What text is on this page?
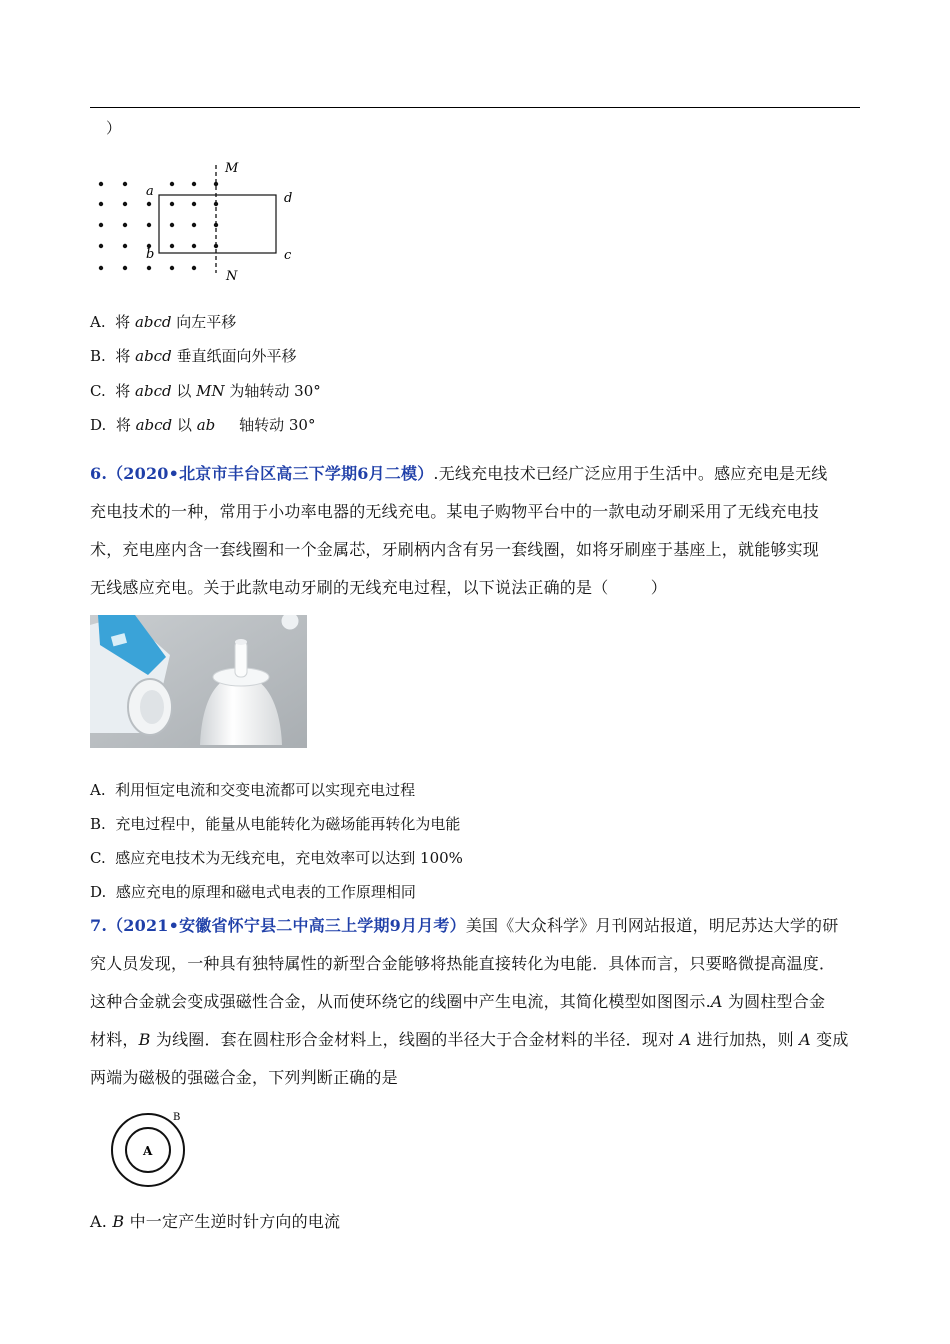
）
M
N
a
b	c
d
A. 将 abcd 向左平移
B. 将 abcd 垂直纸面向外平移
C. 将 abcd 以 MN 为轴转动 30°
D. 将 abcd 以 ab     轴转动 30°
6.（2020•北京市丰台区高三下学期6月二模）.无线充电技术已经广泛应用于生活中。感应充电是无线
充电技术的一种，常用于小功率电器的无线充电。某电子购物平台中的一款电动牙刷采用了无线充电技
术，充电座内含一套线圈和一个金属芯，牙刷柄内含有另一套线圈，如将牙刷座于基座上，就能够实现
无线感应充电。关于此款电动牙刷的无线充电过程，以下说法正确的是（        ）
A. 利用恒定电流和交变电流都可以实现充电过程
B. 充电过程中，能量从电能转化为磁场能再转化为电能
C. 感应充电技术为无线充电，充电效率可以达到 100%
D. 感应充电的原理和磁电式电表的工作原理相同
7.（2021•安徽省怀宁县二中高三上学期9月月考）美国《大众科学》月刊网站报道，明尼苏达大学的研
究人员发现，一种具有独特属性的新型合金能够将热能直接转化为电能．具体而言，只要略微提高温度．
这种合金就会变成强磁性合金，从而使环绕它的线圈中产生电流，其简化模型如图图示.A 为圆柱型合金
材料，B 为线圈．套在圆柱形合金材料上，线圈的半径大于合金材料的半径．现对 A 进行加热，则 A 变成
两端为磁极的强磁合金，下列判断正确的是
A
B
A. B 中一定产生逆时针方向的电流
